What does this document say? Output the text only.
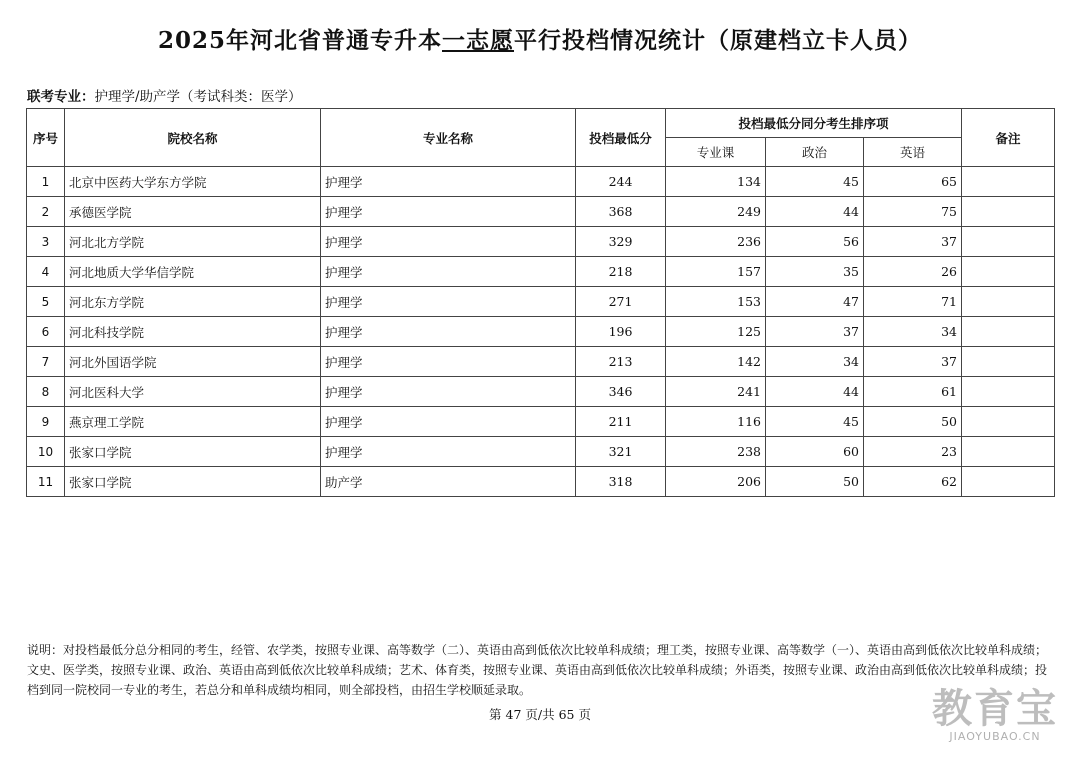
2025年河北省普通专升本一志愿平行投档情况统计（原建档立卡人员）
联考专业：护理学/助产学（考试科类：医学）
序号	院校名称	专业名称	投档最低分	投档最低分同分考生排序项			备注
				专业课	政治	英语	
1	北京中医药大学东方学院	护理学	244	134	45	65	
2	承德医学院	护理学	368	249	44	75	
3	河北北方学院	护理学	329	236	56	37	
4	河北地质大学华信学院	护理学	218	157	35	26	
5	河北东方学院	护理学	271	153	47	71	
6	河北科技学院	护理学	196	125	37	34	
7	河北外国语学院	护理学	213	142	34	37	
8	河北医科大学	护理学	346	241	44	61	
9	燕京理工学院	护理学	211	116	45	50	
10	张家口学院	护理学	321	238	60	23	
11	张家口学院	助产学	318	206	50	62	
说明：对投档最低分总分相同的考生，经管、农学类，按照专业课、高等数学（二）、英语由高到低依次比较单科成绩；理工类，按照专业课、高等数学（一）、英语由高到低依次比较单科成绩；文史、医学类，按照专业课、政治、英语由高到低依次比较单科成绩；艺术、体育类，按照专业课、英语由高到低依次比较单科成绩；外语类，按照专业课、政治由高到低依次比较单科成绩；投档到同一院校同一专业的考生，若总分和单科成绩均相同，则全部投档，由招生学校顺延录取。
第 47 页/共 65 页	教育宝
JIAOYUBAO.CN
